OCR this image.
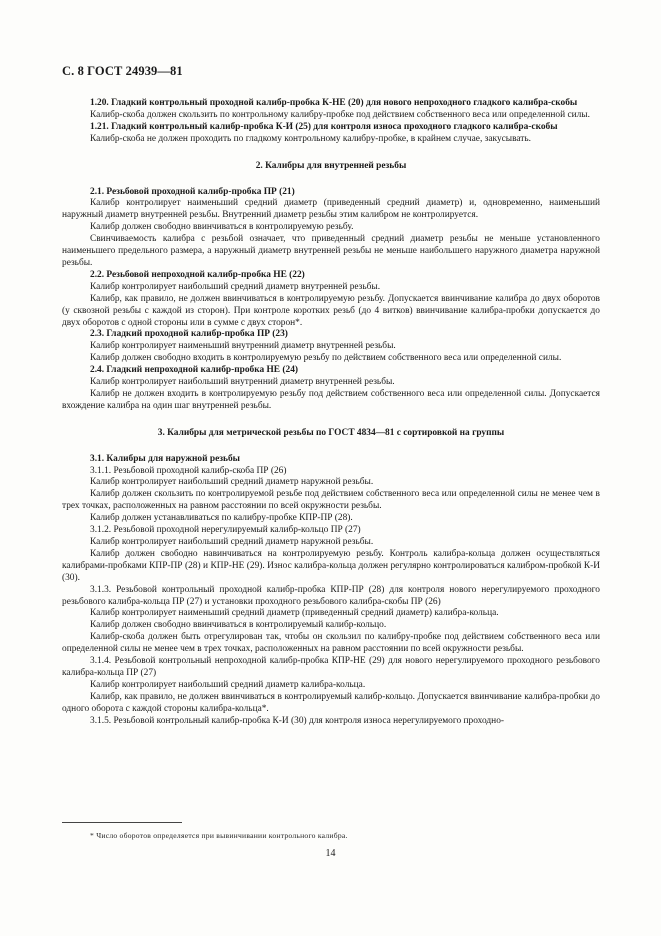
С. 8 ГОСТ 24939—81

1.20. Гладкий контрольный проходной калибр-пробка К-НЕ (20) для нового непроходного гладкого калибра-скобы

Калибр-скоба должен скользить по контрольному калибру-пробке под действием собственного веса или определенной силы.

1.21. Гладкий контрольный калибр-пробка К-И (25) для контроля износа проходного гладкого калибра-скобы

Калибр-скоба не должен проходить по гладкому контрольному калибру-пробке, в крайнем случае, закусывать.

2. Калибры для внутренней резьбы

2.1. Резьбовой проходной калибр-пробка ПР (21)

Калибр контролирует наименьший средний диаметр (приведенный средний диаметр) и, одновременно, наименьший наружный диаметр внутренней резьбы. Внутренний диаметр резьбы этим калибром не контролируется.

Калибр должен свободно ввинчиваться в контролируемую резьбу.

Свинчиваемость калибра с резьбой означает, что приведенный средний диаметр резьбы не меньше установленного наименьшего предельного размера, а наружный диаметр внутренней резьбы не меньше наибольшего наружного диаметра наружной резьбы.

2.2. Резьбовой непроходной калибр-пробка НЕ (22)

Калибр контролирует наибольший средний диаметр внутренней резьбы.

Калибр, как правило, не должен ввинчиваться в контролируемую резьбу. Допускается ввинчивание калибра до двух оборотов (у сквозной резьбы с каждой из сторон). При контроле коротких резьб (до 4 витков) ввинчивание калибра-пробки допускается до двух оборотов с одной стороны или в сумме с двух сторон*.

2.3. Гладкий проходной калибр-пробка ПР (23)

Калибр контролирует наименьший внутренний диаметр внутренней резьбы.

Калибр должен свободно входить в контролируемую резьбу по действием собственного веса или определенной силы.

2.4. Гладкий непроходной калибр-пробка НЕ (24)

Калибр контролирует наибольший внутренний диаметр внутренней резьбы.

Калибр не должен входить в контролируемую резьбу под действием собственного веса или определенной силы. Допускается вхождение калибра на один шаг внутренней резьбы.

3. Калибры для метрической резьбы по ГОСТ 4834—81 с сортировкой на группы

3.1. Калибры для наружной резьбы

3.1.1. Резьбовой проходной калибр-скоба ПР (26)

Калибр контролирует наибольший средний диаметр наружной резьбы.

Калибр должен скользить по контролируемой резьбе под действием собственного веса или определенной силы не менее чем в трех точках, расположенных на равном расстоянии по всей окружности резьбы.

Калибр должен устанавливаться по калибру-пробке КПР-ПР (28).

3.1.2. Резьбовой проходной нерегулируемый калибр-кольцо ПР (27)

Калибр контролирует наибольший средний диаметр наружной резьбы.

Калибр должен свободно навинчиваться на контролируемую резьбу. Контроль калибра-кольца должен осуществляться калибрами-пробками КПР-ПР (28) и КПР-НЕ (29). Износ калибра-кольца должен регулярно контролироваться калибром-пробкой К-И (30).

3.1.3. Резьбовой контрольный проходной калибр-пробка КПР-ПР (28) для контроля нового нерегулируемого проходного резьбового калибра-кольца ПР (27) и установки проходного резьбового калибра-скобы ПР (26)

Калибр контролирует наименьший средний диаметр (приведенный средний диаметр) калибра-кольца.

Калибр должен свободно ввинчиваться в контролируемый калибр-кольцо.

Калибр-скоба должен быть отрегулирован так, чтобы он скользил по калибру-пробке под действием собственного веса или определенной силы не менее чем в трех точках, расположенных на равном расстоянии по всей окружности резьбы.

3.1.4. Резьбовой контрольный непроходной калибр-пробка КПР-НЕ (29) для нового нерегулируемого проходного резьбового калибра-кольца ПР (27)

Калибр контролирует наибольший средний диаметр калибра-кольца.

Калибр, как правило, не должен ввинчиваться в контролируемый калибр-кольцо. Допускается ввинчивание калибра-пробки до одного оборота с каждой стороны калибра-кольца*.

3.1.5. Резьбовой контрольный калибр-пробка К-И (30) для контроля износа нерегулируемого проходно-

* Число оборотов определяется при вывинчивании контрольного калибра.
14
